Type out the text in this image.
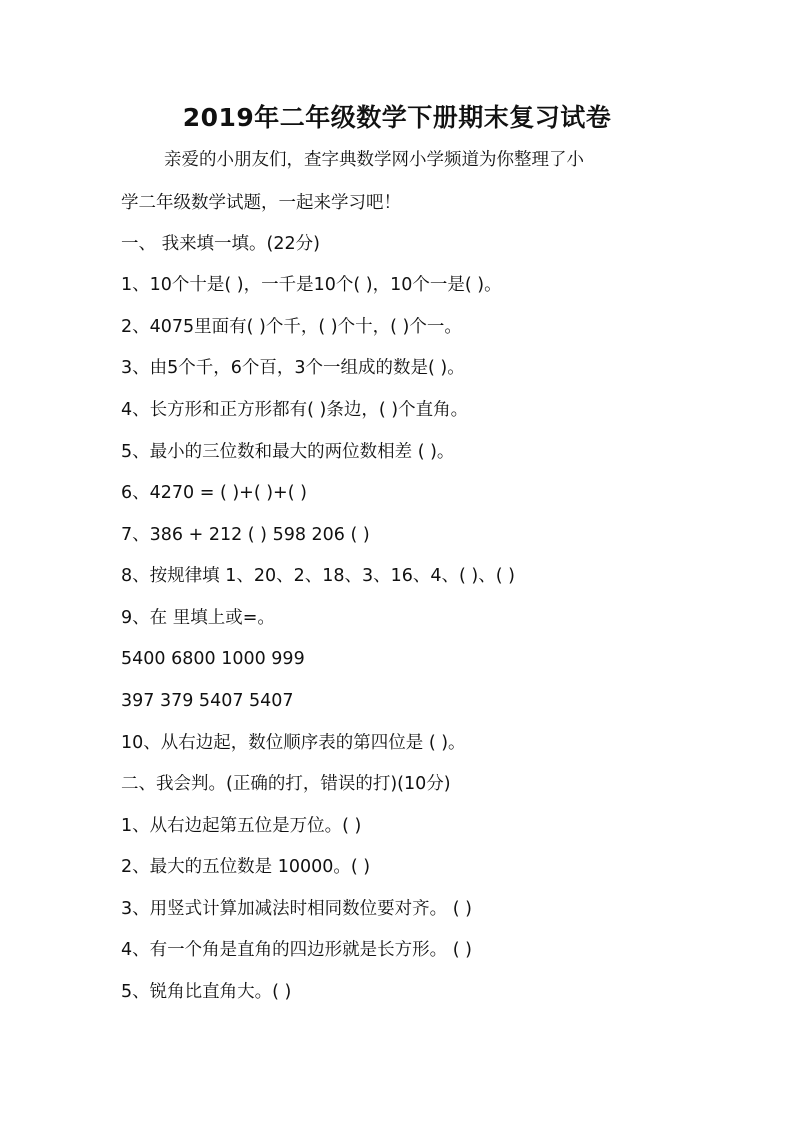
2019年二年级数学下册期末复习试卷
亲爱的小朋友们，查字典数学网小学频道为你整理了小
学二年级数学试题，一起来学习吧！
一、 我来填一填。(22分)
1、10个十是( )，一千是10个( )，10个一是( )。
2、4075里面有( )个千，( )个十，( )个一。
3、由5个千，6个百，3个一组成的数是( )。
4、长方形和正方形都有( )条边，( )个直角。
5、最小的三位数和最大的两位数相差 ( )。
6、4270 = ( )+( )+( )
7、386 + 212 ( ) 598 206 ( )
8、按规律填 1、20、2、18、3、16、4、( )、( )
9、在 里填上或=。
5400 6800 1000 999
397 379 5407 5407
10、从右边起，数位顺序表的第四位是 ( )。
二、我会判。(正确的打，错误的打)(10分)
1、从右边起第五位是万位。( )
2、最大的五位数是 10000。( )
3、用竖式计算加减法时相同数位要对齐。 ( )
4、有一个角是直角的四边形就是长方形。 ( )
5、锐角比直角大。( )
